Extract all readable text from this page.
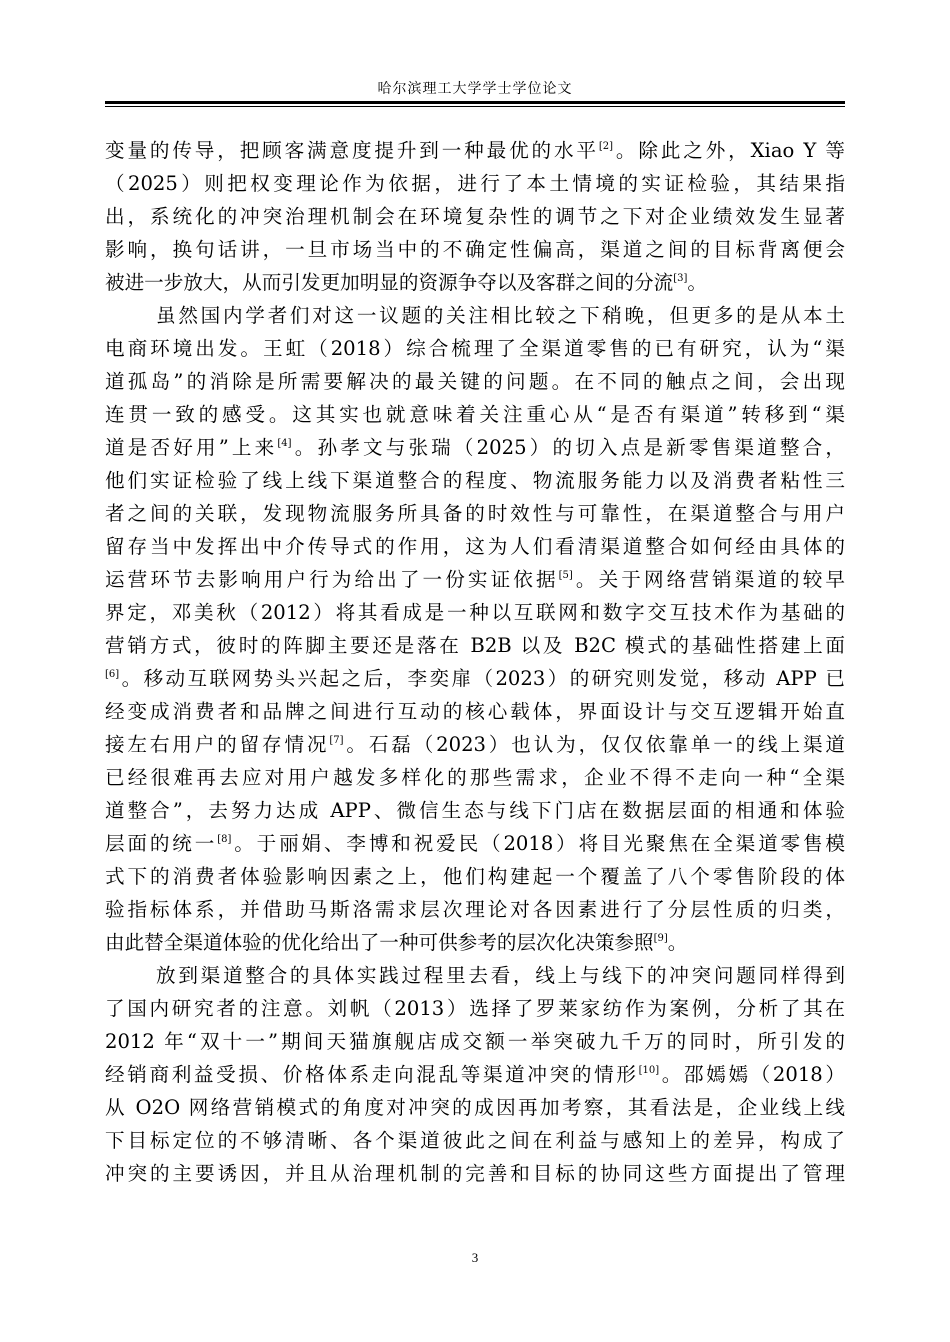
哈尔滨理工大学学士学位论文
变量的传导，把顾客满意度提升到一种最优的水平[2]。除此之外，Xiao Y 等
（2025）则把权变理论作为依据，进行了本土情境的实证检验，其结果指
出，系统化的冲突治理机制会在环境复杂性的调节之下对企业绩效发生显著
影响，换句话讲，一旦市场当中的不确定性偏高，渠道之间的目标背离便会
被进一步放大，从而引发更加明显的资源争夺以及客群之间的分流[3]。
虽然国内学者们对这一议题的关注相比较之下稍晚，但更多的是从本土
电商环境出发。王虹（2018）综合梳理了全渠道零售的已有研究，认为“渠
道孤岛”的消除是所需要解决的最关键的问题。在不同的触点之间，会出现
连贯一致的感受。这其实也就意味着关注重心从“是否有渠道”转移到“渠
道是否好用”上来[4]。孙孝文与张瑞（2025）的切入点是新零售渠道整合，
他们实证检验了线上线下渠道整合的程度、物流服务能力以及消费者粘性三
者之间的关联，发现物流服务所具备的时效性与可靠性，在渠道整合与用户
留存当中发挥出中介传导式的作用，这为人们看清渠道整合如何经由具体的
运营环节去影响用户行为给出了一份实证依据[5]。关于网络营销渠道的较早
界定，邓美秋（2012）将其看成是一种以互联网和数字交互技术作为基础的
营销方式，彼时的阵脚主要还是落在 B2B 以及 B2C 模式的基础性搭建上面
[6]。移动互联网势头兴起之后，李奕扉（2023）的研究则发觉，移动 APP 已
经变成消费者和品牌之间进行互动的核心载体，界面设计与交互逻辑开始直
接左右用户的留存情况[7]。石磊（2023）也认为，仅仅依靠单一的线上渠道
已经很难再去应对用户越发多样化的那些需求，企业不得不走向一种“全渠
道整合”，去努力达成 APP、微信生态与线下门店在数据层面的相通和体验
层面的统一[8]。于丽娟、李博和祝爱民（2018）将目光聚焦在全渠道零售模
式下的消费者体验影响因素之上，他们构建起一个覆盖了八个零售阶段的体
验指标体系，并借助马斯洛需求层次理论对各因素进行了分层性质的归类，
由此替全渠道体验的优化给出了一种可供参考的层次化决策参照[9]。
放到渠道整合的具体实践过程里去看，线上与线下的冲突问题同样得到
了国内研究者的注意。刘帆（2013）选择了罗莱家纺作为案例，分析了其在
2012 年“双十一”期间天猫旗舰店成交额一举突破九千万的同时，所引发的
经销商利益受损、价格体系走向混乱等渠道冲突的情形[10]。邵嫣嫣（2018）
从 O2O 网络营销模式的角度对冲突的成因再加考察，其看法是，企业线上线
下目标定位的不够清晰、各个渠道彼此之间在利益与感知上的差异，构成了
冲突的主要诱因，并且从治理机制的完善和目标的协同这些方面提出了管理
3
